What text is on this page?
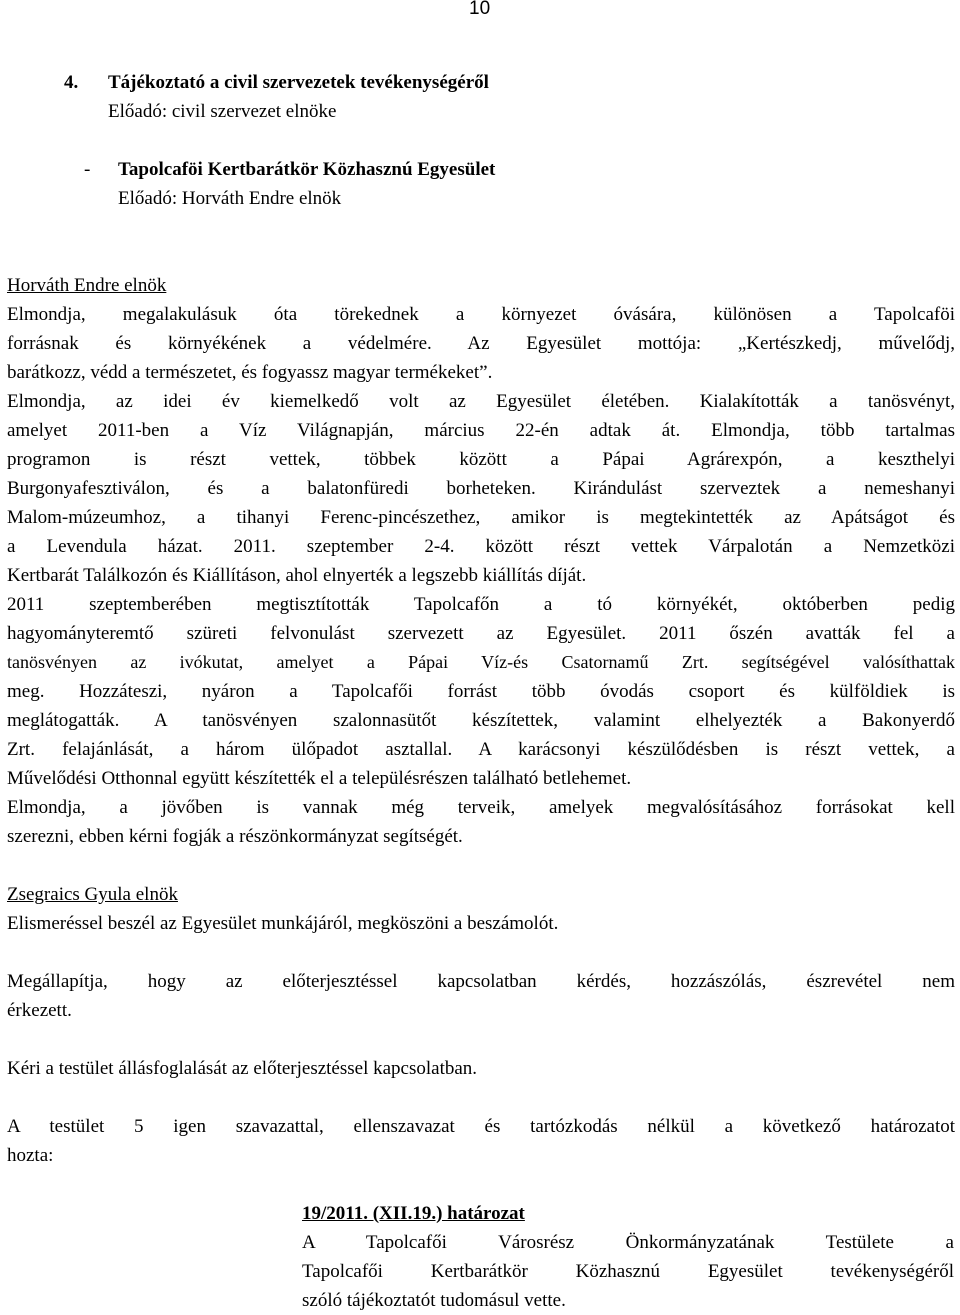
10
4. Tájékoztató a civil szervezetek tevékenységéről
Előadó: civil szervezet elnöke
- Tapolcaföi Kertbarátkör Közhasznú Egyesület
Előadó: Horváth Endre elnök
Horváth Endre elnök
Elmondja, megalakulásuk óta törekednek a környezet óvására, különösen a Tapolcaföi
forrásnak és környékének a védelmére. Az Egyesület mottója: „Kertészkedj, művelődj,
barátkozz, védd a természetet, és fogyassz magyar termékeket”.
Elmondja, az idei év kiemelkedő volt az Egyesület életében. Kialakították a tanösvényt,
amelyet 2011-ben a Víz Világnapján, március 22-én adtak át. Elmondja, több tartalmas
programon is részt vettek, többek között a Pápai Agrárexpón, a keszthelyi
Burgonyafesztiválon, és a balatonfüredi borheteken. Kirándulást szerveztek a nemeshanyi
Malom-múzeumhoz, a tihanyi Ferenc-pincészethez, amikor is megtekintették az Apátságot és
a Levendula házat. 2011. szeptember 2-4. között részt vettek Várpalotán a Nemzetközi
Kertbarát Találkozón és Kiállításon, ahol elnyerték a legszebb kiállítás díját.
2011 szeptemberében megtisztították Tapolcafőn a tó környékét, októberben pedig
hagyományteremtő szüreti felvonulást szervezett az Egyesület. 2011 őszén avatták fel a
tanösvényen az ivókutat, amelyet a Pápai Víz-és Csatornamű Zrt. segítségével valósíthattak
meg. Hozzáteszi, nyáron a Tapolcafői forrást több óvodás csoport és külföldiek is
meglátogatták. A tanösvényen szalonnasütőt készítettek, valamint elhelyezték a Bakonyerdő
Zrt. felajánlását, a három ülőpadot asztallal. A karácsonyi készülődésben is részt vettek, a
Művelődési Otthonnal együtt készítették el a településrészen található betlehemet.
Elmondja, a jövőben is vannak még terveik, amelyek megvalósításához forrásokat kell
szerezni, ebben kérni fogják a részönkormányzat segítségét.
Zsegraics Gyula elnök
Elismeréssel beszél az Egyesület munkájáról, megköszöni a beszámolót.
Megállapítja, hogy az előterjesztéssel kapcsolatban kérdés, hozzászólás, észrevétel nem
érkezett.
Kéri a testület állásfoglalását az előterjesztéssel kapcsolatban.
A testület 5 igen szavazattal, ellenszavazat és tartózkodás nélkül a következő határozatot
hozta:
19/2011. (XII.19.) határozat
A Tapolcafői Városrész Önkormányzatának Testülete a
Tapolcafői Kertbarátkör Közhasznú Egyesület tevékenységéről
szóló tájékoztatót tudomásul vette.
